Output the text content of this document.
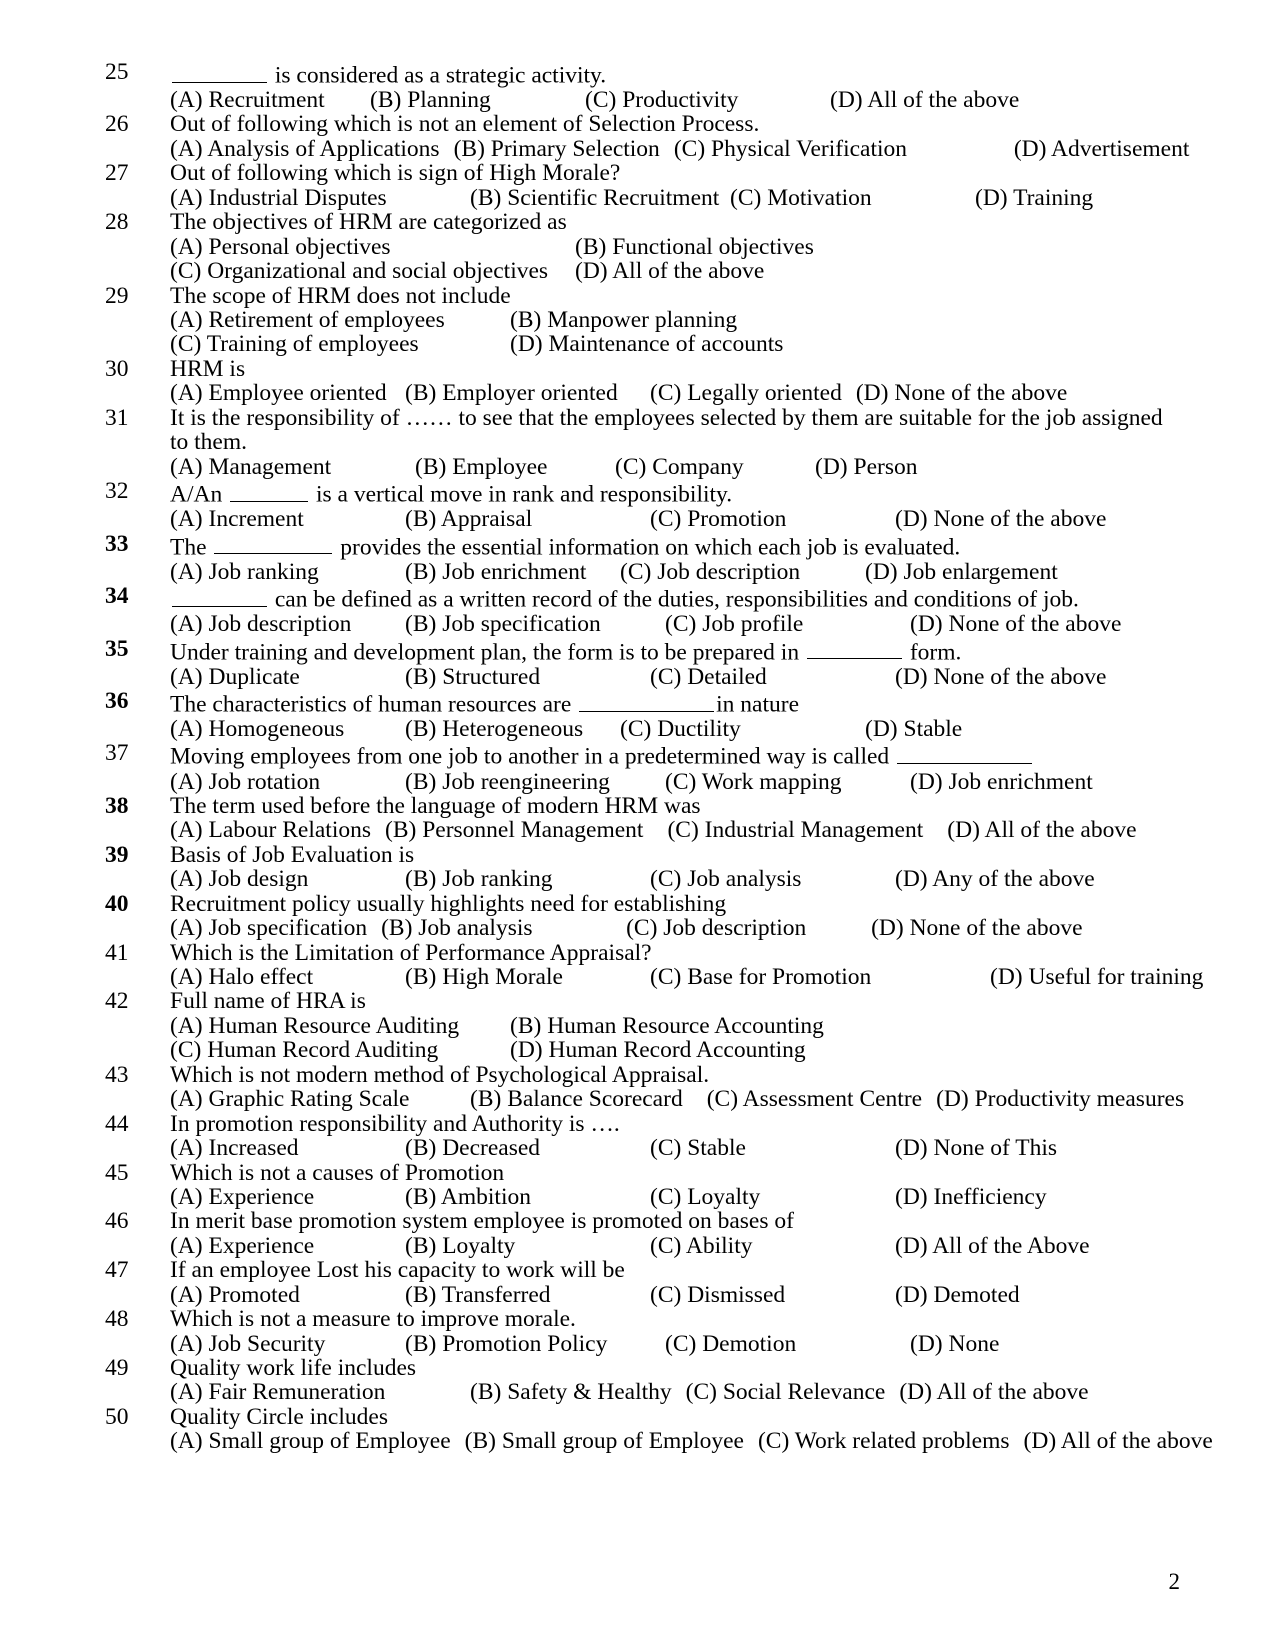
25	is considered as a strategic activity.
(A) Recruitment	(B) Planning	(C) Productivity	(D) All of the above
26	Out of following which is not an element of Selection Process.
(A) Analysis of Applications (B) Primary Selection (C) Physical Verification	(D) Advertisement
27	Out of following which is sign of High Morale?
(A) Industrial Disputes	(B) Scientific Recruitment (C) Motivation	(D) Training
28	The objectives of HRM are categorized as
(A) Personal objectives	(B) Functional objectives
(C) Organizational and social objectives	(D) All of the above
29	The scope of HRM does not include
(A) Retirement of employees	(B) Manpower planning
(C) Training of employees	(D) Maintenance of accounts
30	HRM is
(A) Employee oriented (B) Employer oriented	(C) Legally oriented (D) None of the above
31	It is the responsibility of …… to see that the employees selected by them are suitable for the job assigned to them.
(A) Management	(B) Employee	(C) Company	(D) Person
32	A/An	is a vertical move in rank and responsibility.
(A) Increment	(B) Appraisal	(C) Promotion	(D) None of the above
33	The	provides the essential information on which each job is evaluated.
(A) Job ranking	(B) Job enrichment	(C) Job description	(D) Job enlargement
34	can be defined as a written record of the duties, responsibilities and conditions of job.
(A) Job description	(B) Job specification	(C) Job profile	(D) None of the above
35	Under training and development plan, the form is to be prepared in	form.
(A) Duplicate	(B) Structured	(C) Detailed	(D) None of the above
36	The characteristics of human resources are	in nature
(A) Homogeneous	(B) Heterogeneous	(C) Ductility	(D) Stable
37	Moving employees from one job to another in a predetermined way is called
(A) Job rotation	(B) Job reengineering	(C) Work mapping	(D) Job enrichment
38	The term used before the language of modern HRM was
(A) Labour Relations (B) Personnel Management (C) Industrial Management (D) All of the above
39	Basis of Job Evaluation is
(A) Job design	(B) Job ranking	(C) Job analysis	(D) Any of the above
40	Recruitment policy usually highlights need for establishing
(A) Job specification (B) Job analysis	(C) Job description	(D) None of the above
41	Which is the Limitation of Performance Appraisal?
(A) Halo effect	(B) High Morale	(C) Base for Promotion	(D) Useful for training
42	Full name of HRA is
(A) Human Resource Auditing	(B) Human Resource Accounting
(C) Human Record Auditing	(D) Human Record Accounting
43	Which is not modern method of Psychological Appraisal.
(A) Graphic Rating Scale	(B) Balance Scorecard (C) Assessment Centre (D) Productivity measures
44	In promotion responsibility and Authority is ….
(A) Increased	(B) Decreased	(C) Stable	(D) None of This
45	Which is not a causes of Promotion
(A) Experience	(B) Ambition	(C) Loyalty	(D) Inefficiency
46	In merit base promotion system employee is promoted on bases of
(A) Experience	(B) Loyalty	(C) Ability	(D) All of the Above
47	If an employee Lost his capacity to work will be
(A) Promoted	(B) Transferred	(C) Dismissed	(D) Demoted
48	Which is not a measure to improve morale.
(A) Job Security	(B) Promotion Policy	(C) Demotion	(D) None
49	Quality work life includes
(A) Fair Remuneration	(B) Safety & Healthy (C) Social Relevance (D) All of the above
50	Quality Circle includes
(A) Small group of Employee (B) Small group of Employee (C) Work related problems (D) All of the above
2
